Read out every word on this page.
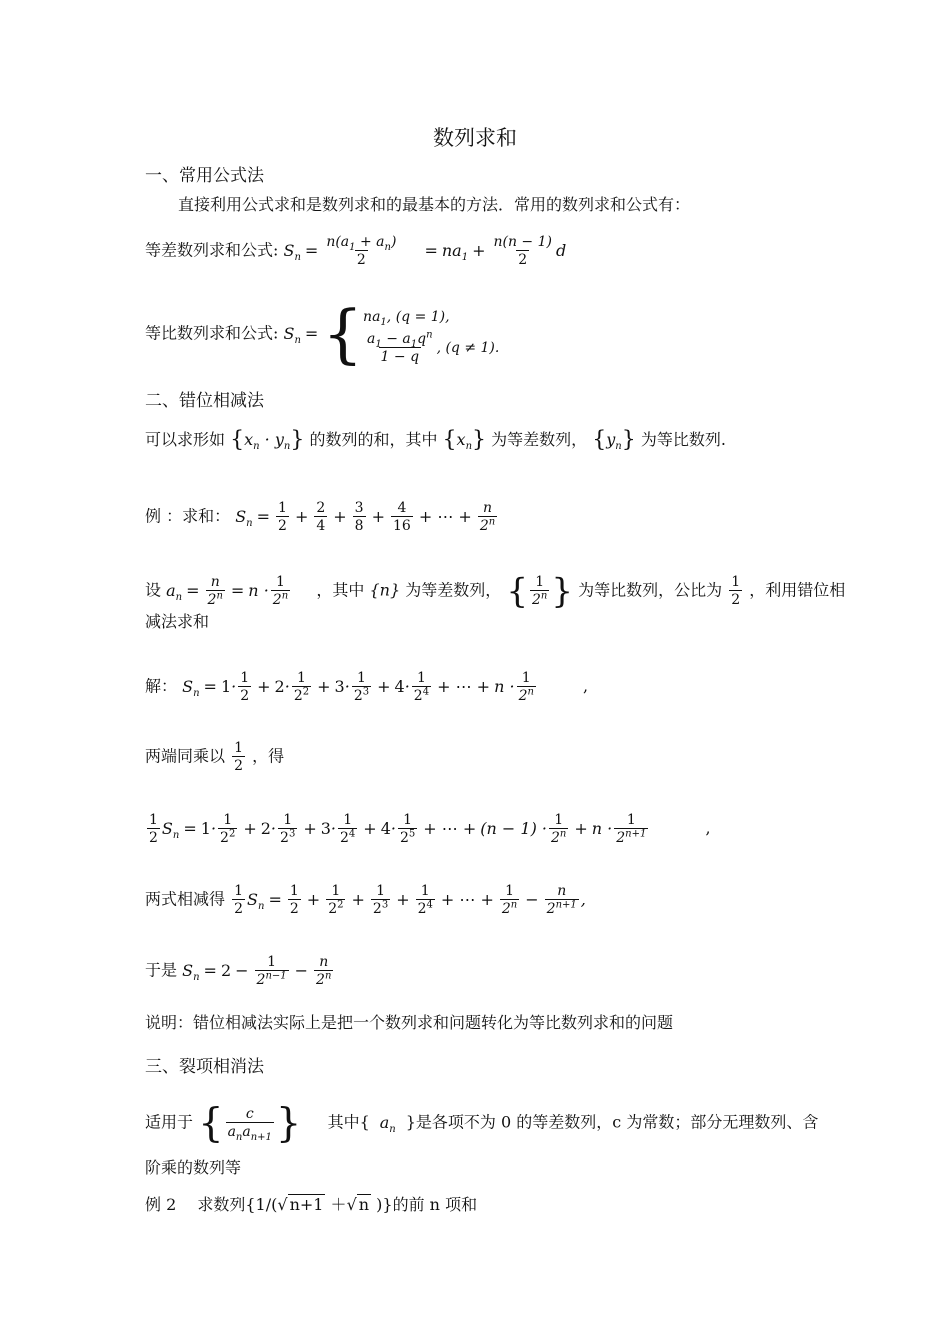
数列求和
一、常用公式法
直接利用公式求和是数列求和的最基本的方法．常用的数列求和公式有：
等差数列求和公式: $S_n = \frac{n(a_1 + a_n)}{2} = na_1 + \frac{n(n - 1)}{2}$ d
等比数列求和公式: $S_n$ ={ $na_1$, (q = 1),
$\frac{a_1 - a_1q^n}{1 - q}$ , (q ≠ 1).
二、错位相减法
可以求形如 $\{x_n \cdot y_n\}$ 的数列的和，其中 $\{x_n\}$ 为等差数列， $\{y_n\}$ 为等比数列.
例 ：求和： $S_n = \frac{1}{2} + \frac{2}{4} + \frac{3}{8} + \frac{4}{16}$ + ⋯ + $\frac{n}{2^n}$
设 $a_n = \frac{n}{2^n} = n \cdot \frac{1}{2^n}$ ，其中 {n} 为等差数列， { $\frac{1}{2^n}$ } 为等比数列，公比为 $\frac{1}{2}$ ，利用错位相
减法求和
解： $S_n = 1\cdot \frac{1}{2} + 2\cdot \frac{1}{2^2} + 3\cdot \frac{1}{2^3} + 4\cdot \frac{1}{2^4}$ + ⋯ + $n \cdot \frac{1}{2^n}$	,
两端同乘以 $\frac{1}{2}$ ，得
$\frac{1}{2} S_n = 1\cdot \frac{1}{2^2} + 2\cdot \frac{1}{2^3} + 3\cdot \frac{1}{2^4} + 4\cdot \frac{1}{2^5}$ + ⋯ + $(n - 1) \cdot \frac{1}{2^n} + n \cdot \frac{1}{2^{n+1}}$	,
两式相减得 $\frac{1}{2} S_n = \frac{1}{2} + \frac{1}{2^2} + \frac{1}{2^3} + \frac{1}{2^4}$ + ⋯ + $\frac{1}{2^n} - \frac{n}{2^{n+1}}$ ,
于是 $S_n = 2 - \frac{1}{2^{n-1}} - \frac{n}{2^n}$
说明：错位相减法实际上是把一个数列求和问题转化为等比数列求和的问题
三、裂项相消法
适用于 { $\frac{c}{a_na_{n+1}}$ } 其中{ $a_n$ }是各项不为 0 的等差数列，c 为常数；部分无理数列、含
阶乘的数列等
例 2　 求数列{1/(√ n+1 ＋√ n )}的前 n 项和
